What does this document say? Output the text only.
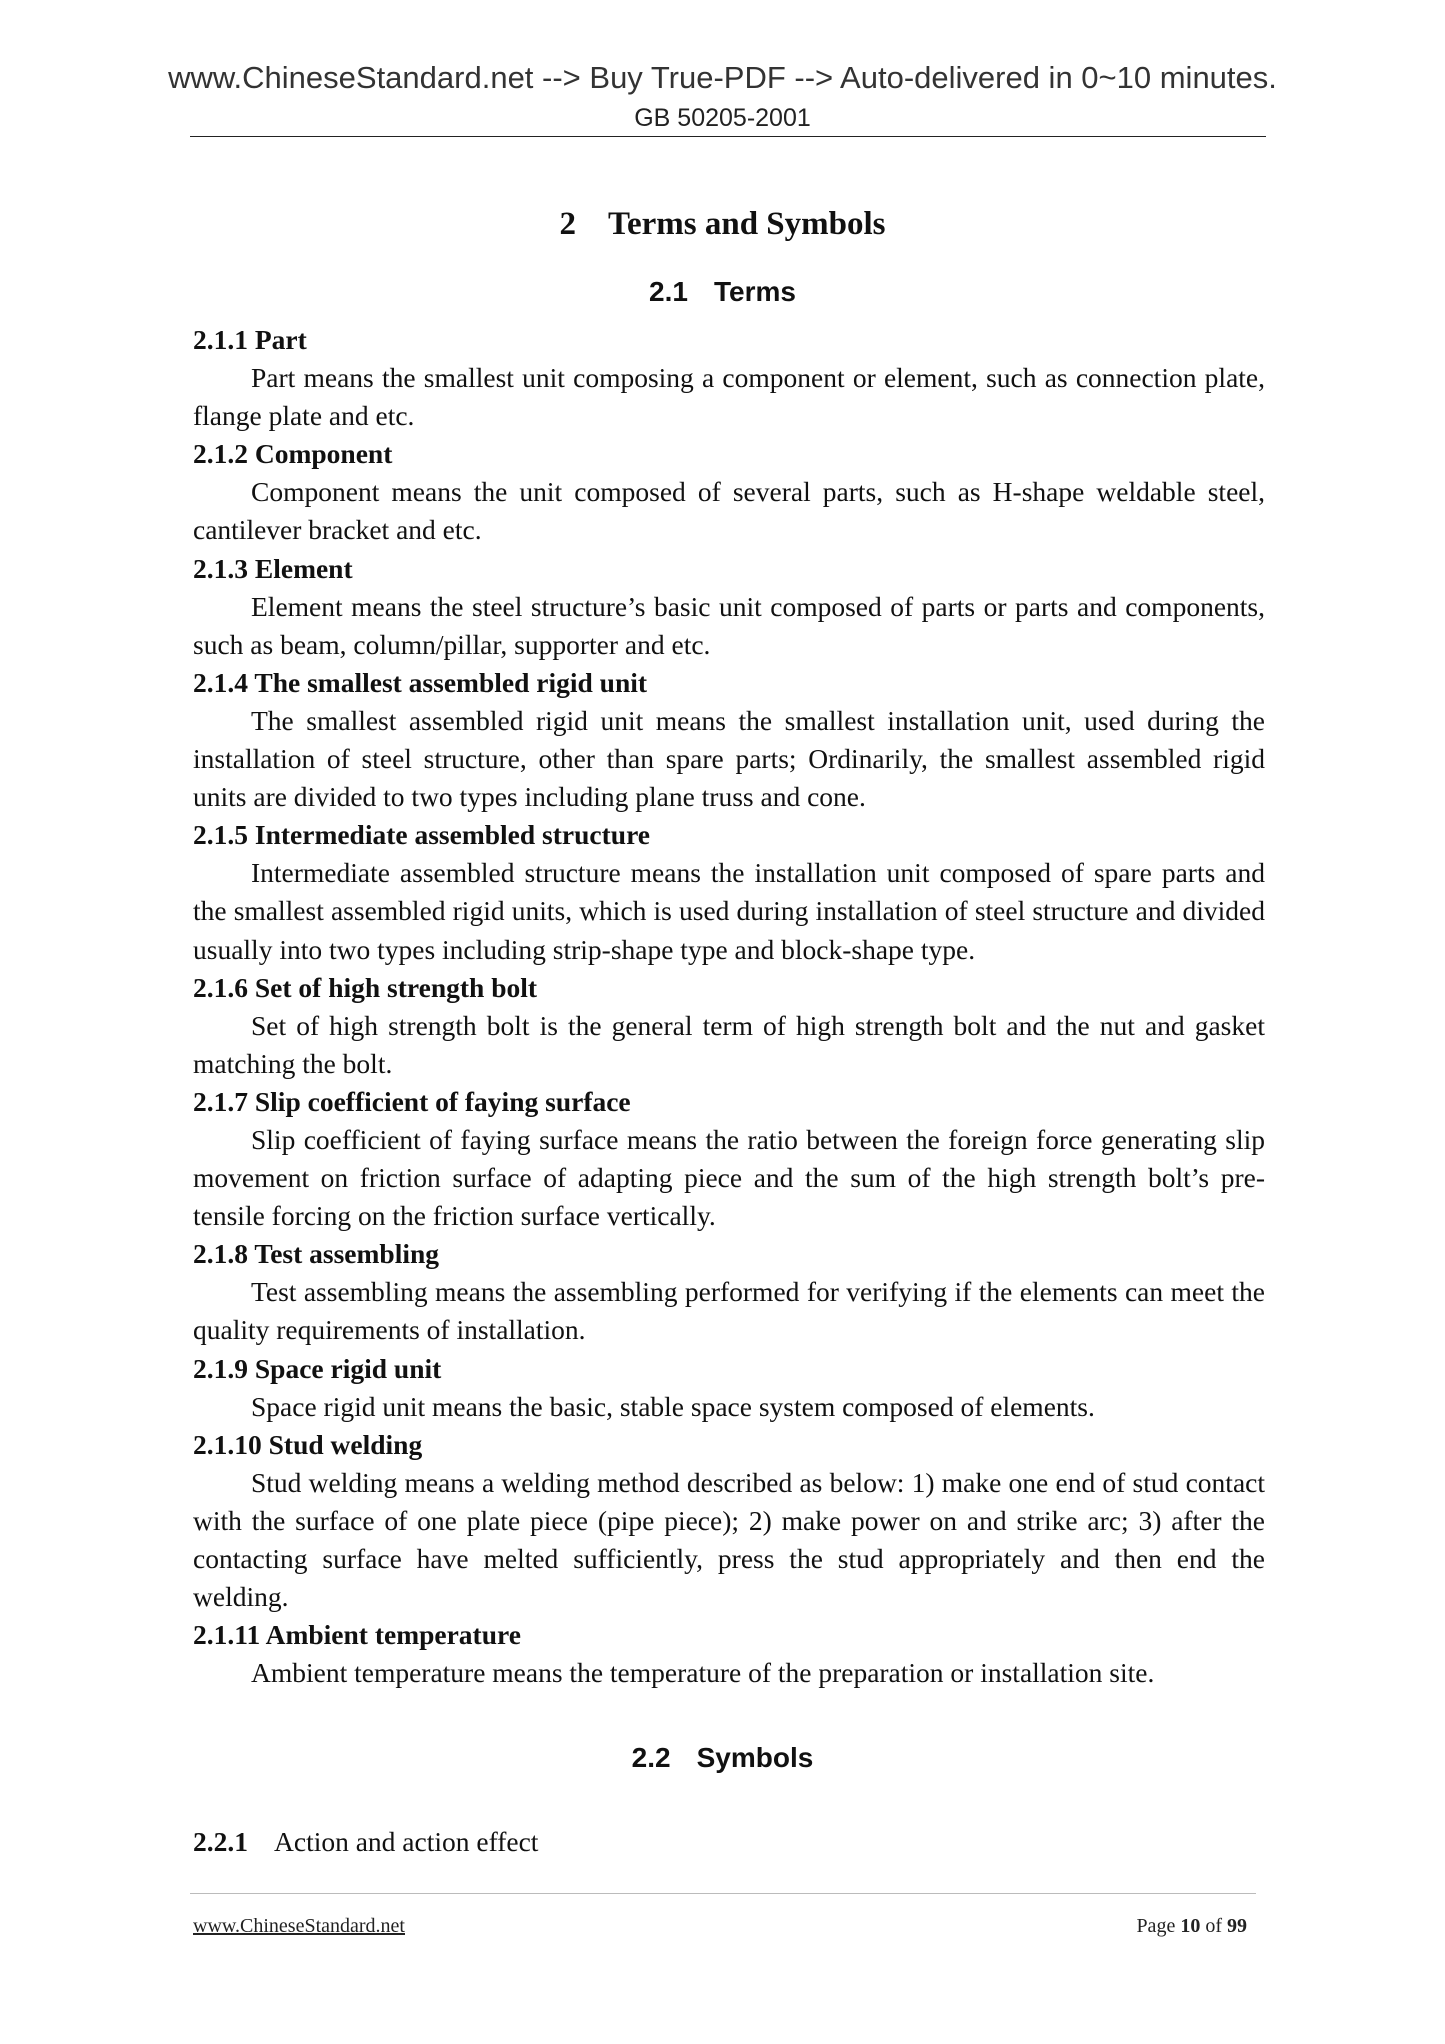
www.ChineseStandard.net --> Buy True-PDF --> Auto-delivered in 0~10 minutes.
GB 50205-2001
2 Terms and Symbols
2.1 Terms
2.1.1 Part

Part means the smallest unit composing a component or element, such as connection plate, flange plate and etc.

2.1.2 Component

Component means the unit composed of several parts, such as H-shape weldable steel, cantilever bracket and etc.

2.1.3 Element

Element means the steel structure’s basic unit composed of parts or parts and components, such as beam, column/pillar, supporter and etc.

2.1.4 The smallest assembled rigid unit

The smallest assembled rigid unit means the smallest installation unit, used during the installation of steel structure, other than spare parts; Ordinarily, the smallest assembled rigid units are divided to two types including plane truss and cone.

2.1.5 Intermediate assembled structure

Intermediate assembled structure means the installation unit composed of spare parts and the smallest assembled rigid units, which is used during installation of steel structure and divided usually into two types including strip-shape type and block-shape type.

2.1.6 Set of high strength bolt

Set of high strength bolt is the general term of high strength bolt and the nut and gasket matching the bolt.

2.1.7 Slip coefficient of faying surface

Slip coefficient of faying surface means the ratio between the foreign force generating slip movement on friction surface of adapting piece and the sum of the high strength bolt’s pre-tensile forcing on the friction surface vertically.

2.1.8 Test assembling

Test assembling means the assembling performed for verifying if the elements can meet the quality requirements of installation.

2.1.9 Space rigid unit

Space rigid unit means the basic, stable space system composed of elements.

2.1.10 Stud welding

Stud welding means a welding method described as below: 1) make one end of stud contact with the surface of one plate piece (pipe piece); 2) make power on and strike arc; 3) after the contacting surface have melted sufficiently, press the stud appropriately and then end the welding.

2.1.11 Ambient temperature

Ambient temperature means the temperature of the preparation or installation site.

2.2 Symbols
2.2.1 Action and action effect
www.ChineseStandard.net	Page 10 of 99
